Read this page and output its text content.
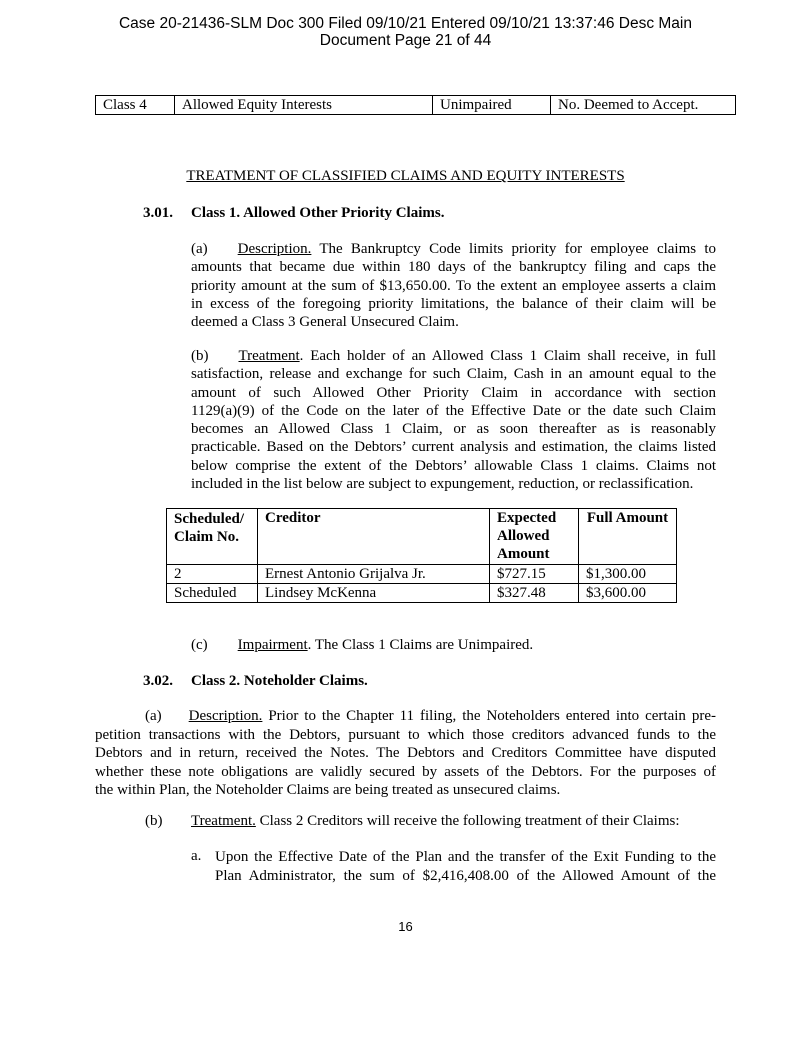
Case 20-21436-SLM Doc 300 Filed 09/10/21 Entered 09/10/21 13:37:46 Desc Main
Document Page 21 of 44
Class 4	Allowed Equity Interests	Unimpaired	No. Deemed to Accept.
TREATMENT OF CLASSIFIED CLAIMS AND EQUITY INTERESTS
3.01. Class 1. Allowed Other Priority Claims.
(a) Description. The Bankruptcy Code limits priority for employee claims to
amounts that became due within 180 days of the bankruptcy filing and caps the
priority amount at the sum of $13,650.00. To the extent an employee asserts a claim
in excess of the foregoing priority limitations, the balance of their claim will be
deemed a Class 3 General Unsecured Claim.
(b) Treatment. Each holder of an Allowed Class 1 Claim shall receive, in full
satisfaction, release and exchange for such Claim, Cash in an amount equal to the
amount of such Allowed Other Priority Claim in accordance with section
1129(a)(9) of the Code on the later of the Effective Date or the date such Claim
becomes an Allowed Class 1 Claim, or as soon thereafter as is reasonably
practicable. Based on the Debtors’ current analysis and estimation, the claims listed
below comprise the extent of the Debtors’ allowable Class 1 claims. Claims not
included in the list below are subject to expungement, reduction, or reclassification.
Scheduled/ Claim No.	Creditor	Expected Allowed Amount	Full Amount
2	Ernest Antonio Grijalva Jr.	$727.15	$1,300.00
Scheduled	Lindsey McKenna	$327.48	$3,600.00
(c) Impairment. The Class 1 Claims are Unimpaired.
3.02. Class 2. Noteholder Claims.
(a) Description. Prior to the Chapter 11 filing, the Noteholders entered into certain pre-
petition transactions with the Debtors, pursuant to which those creditors advanced funds to the
Debtors and in return, received the Notes. The Debtors and Creditors Committee have disputed
whether these note obligations are validly secured by assets of the Debtors. For the purposes of
the within Plan, the Noteholder Claims are being treated as unsecured claims.
(b) Treatment. Class 2 Creditors will receive the following treatment of their Claims:
a. Upon the Effective Date of the Plan and the transfer of the Exit Funding to the
Plan Administrator, the sum of $2,416,408.00 of the Allowed Amount of the
16
